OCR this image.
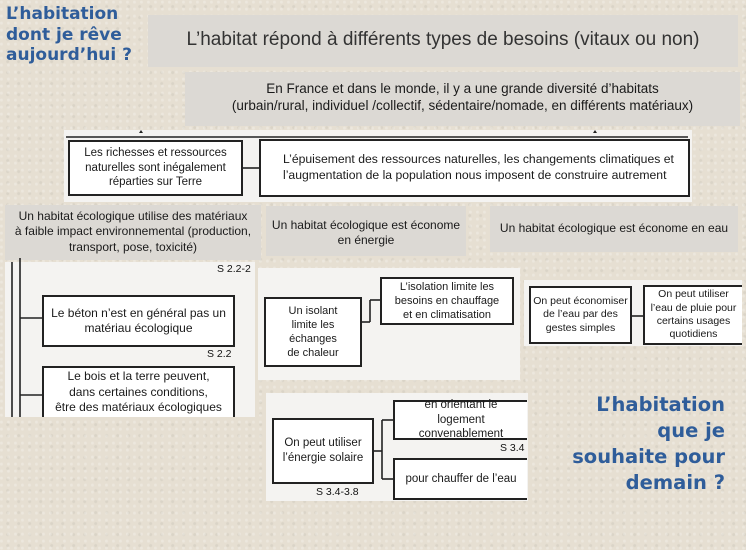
L’habitation
dont je rêve
aujourd’hui ?
L’habitat répond à différents types de besoins (vitaux ou non)
En France et dans le monde, il y a une grande diversité d’habitats
(urbain/rural, individuel /collectif, sédentaire/nomade, en différents matériaux)
Un habitat écologique utilise des matériaux
à faible impact environnemental (production,
transport, pose, toxicité)
Un habitat écologique est économe
en énergie
Un habitat écologique est économe en eau
Les richesses et ressources
naturelles sont inégalement
réparties sur Terre
L’épuisement des ressources naturelles, les changements climatiques et
l’augmentation de la population nous imposent de construire autrement
S 2.2-2
Le béton n’est en général pas un
matériau écologique
S 2.2
Le bois et la terre peuvent,
dans certaines conditions,
être des matériaux écologiques
Un isolant
limite les
échanges
de chaleur
L’isolation limite les
besoins en chauffage
et en climatisation
On peut économiser
de l’eau par des
gestes simples
On peut utiliser
l’eau de pluie pour
certains usages
quotidiens
On peut utiliser
l’énergie solaire
en orientant le logement
convenablement
S 3.4
pour chauffer de l’eau
S 3.4-3.8
L’habitation
que je
souhaite pour
demain ?
